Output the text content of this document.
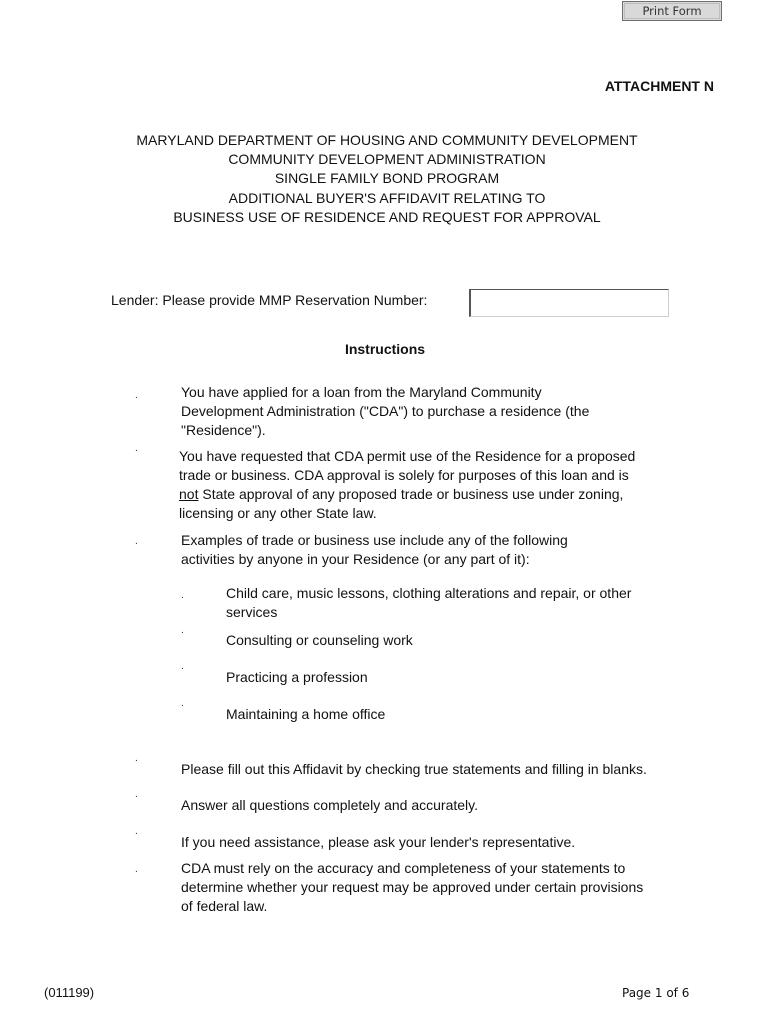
Print Form
ATTACHMENT N
MARYLAND DEPARTMENT OF HOUSING AND COMMUNITY DEVELOPMENT
COMMUNITY DEVELOPMENT ADMINISTRATION
SINGLE FAMILY BOND PROGRAM
ADDITIONAL BUYER'S AFFIDAVIT RELATING TO
BUSINESS USE OF RESIDENCE AND REQUEST FOR APPROVAL
Lender: Please provide MMP Reservation Number:
Instructions
.	You have applied for a loan from the Maryland Community
Development Administration ("CDA") to purchase a residence (the
"Residence").
.	You have requested that CDA permit use of the Residence for a proposed
trade or business. CDA approval is solely for purposes of this loan and is
not State approval of any proposed trade or business use under zoning,
licensing or any other State law.
.	Examples of trade or business use include any of the following
activities by anyone in your Residence (or any part of it):
.	Child care, music lessons, clothing alterations and repair, or other
services
.
Consulting or counseling work
.
Practicing a profession
.
Maintaining a home office
.
Please fill out this Affidavit by checking true statements and filling in blanks.
.
Answer all questions completely and accurately.
.
If you need assistance, please ask your lender's representative.
.	CDA must rely on the accuracy and completeness of your statements to
determine whether your request may be approved under certain provisions
of federal law.
(011199)	Page 1 of 6
